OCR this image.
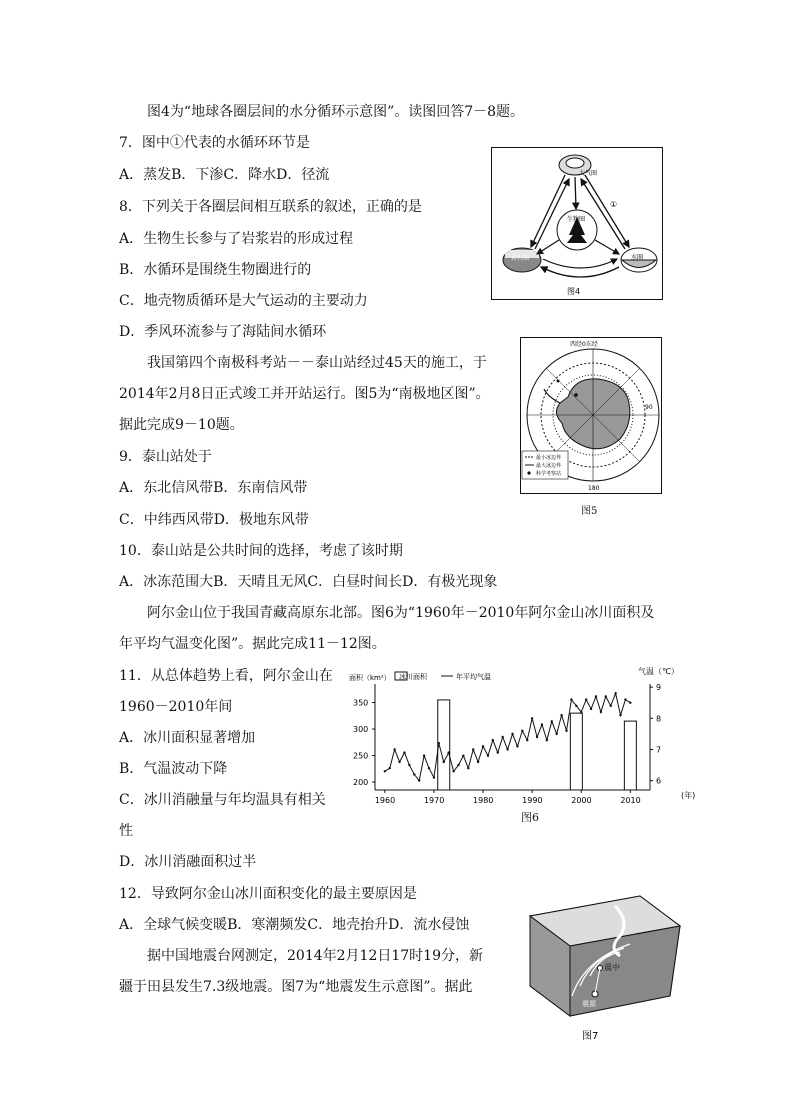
图4为“地球各圈层间的水分循环示意图”。读图回答7－8题。
7．图中①代表的水循环环节是
A．蒸发B．下渗C．降水D．径流
8．下列关于各圈层间相互联系的叙述，正确的是
A．生物生长参与了岩浆岩的形成过程
B．水循环是围绕生物圈进行的
C．地壳物质循环是大气运动的主要动力
D．季风环流参与了海陆间水循环
我国第四个南极科考站－－泰山站经过45天的施工，于
2014年2月8日正式竣工并开站运行。图5为“南极地区图”。
据此完成9－10题。
9．泰山站处于
A．东北信风带B．东南信风带
C．中纬西风带D．极地东风带
10．泰山站是公共时间的选择，考虑了该时期
A．冰冻范围大B．天晴且无风C．白昼时间长D．有极光现象
阿尔金山位于我国青藏高原东北部。图6为“1960年－2010年阿尔金山冰川面积及
年平均气温变化图”。据此完成11－12图。
11．从总体趋势上看，阿尔金山在
1960－2010年间
A．冰川面积显著增加
B．气温波动下降
C．冰川消融量与年均温具有相关
性
D．冰川消融面积过半
12．导致阿尔金山冰川面积变化的最主要原因是
A．全球气候变暖B．寒潮频发C．地壳抬升D．流水侵蚀
据中国地震台网测定，2014年2月12日17时19分，新
疆于田县发生7.3级地震。图7为“地震发生示意图”。据此
大气圈
生物圈
岩石圈	水圈
①
图4
西经0东经
90
180
最小冰边界
最大冰边界
科学考察站
图5
面积（km²）
气温（℃）
冰川面积	年平均气温
(年)
200
250
300
350
6
7
8
9
1960	1970	1980	1990	2000	2010
图6
震中
震源
图7
